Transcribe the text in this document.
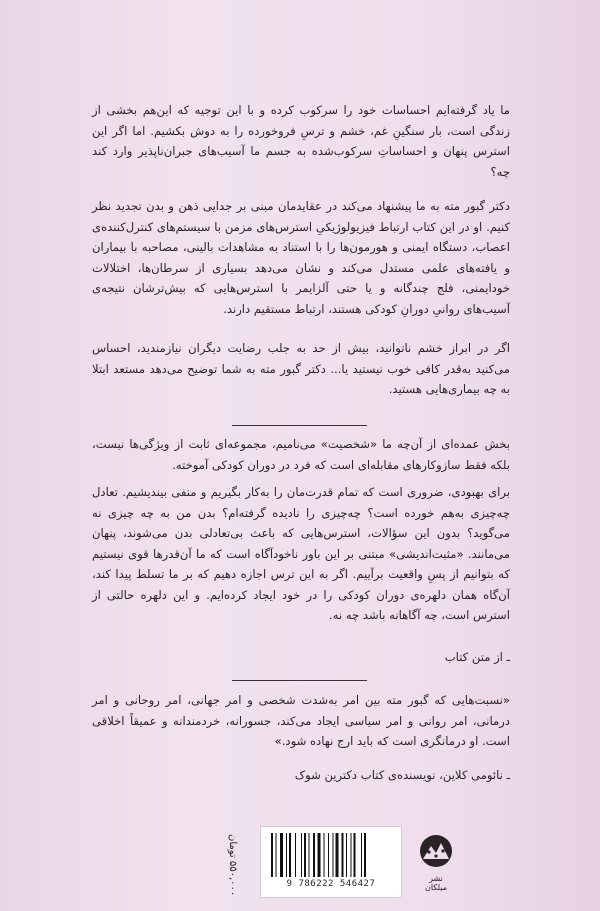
ما یاد گرفته‌ایم احساسات خود را سرکوب کرده و با این توجیه که این‌هم بخشی از زندگی است، بار سنگینِ غم، خشم و ترسِ فروخورده را به دوش بکشیم. اما اگر این استرس پنهان و احساساتِ سرکوب‌شده به جسم ما آسیب‌های جبران‌ناپذیر وارد کند چه؟

دکتر گبور مته به ما پیشنهاد می‌کند در عقایدمان مبنی بر جدایی ذهن و بدن تجدید نظر کنیم. او در این کتاب ارتباط فیزیولوژیکیِ استرس‌های مزمن با سیستم‌های کنترل‌کننده‌ی اعصاب، دستگاه ایمنی و هورمون‌ها را با استناد به مشاهدات بالینی، مصاحبه با بیماران و یافته‌های علمی مستدل می‌کند و نشان می‌دهد بسیاری از سرطان‌ها، اختلالات خودایمنی، فلج چندگانه و یا حتی آلزایمر با استرس‌هایی که بیش‌ترشان نتیجه‌ی آسیب‌های روانیِ دورانِ کودکی هستند، ارتباط مستقیم دارند.

اگر در ابراز خشم ناتوانید، بیش از حد به جلب رضایت دیگران نیازمندید، احساس می‌کنید به‌قدر کافی خوب نیستید یا... دکتر گبور مته به شما توضیح می‌دهد مستعد ابتلا به چه بیماری‌هایی هستید.

بخش عمده‌ای از آن‌چه ما «شخصیت» می‌نامیم، مجموعه‌ای ثابت از ویژگی‌ها نیست، بلکه فقط سازوکارهای مقابله‌ای است که فرد در دوران کودکی آموخته.

برای بهبودی، ضروری است که تمام قدرت‌مان را به‌کار بگیریم و منفی بیندیشیم. تعادل چه‌چیزی به‌هم خورده است؟ چه‌چیزی را نادیده گرفته‌ام؟ بدن من به چه چیزی نه می‌گوید؟ بدون این سؤالات، استرس‌هایی که باعث بی‌تعادلی بدن می‌شوند، پنهان می‌مانند. «مثبت‌اندیشی» مبتنی بر این باور ناخودآگاه است که ما آن‌قدرها قوی نیستیم که بتوانیم از پسِ واقعیت برآییم. اگر به این ترس اجازه دهیم که بر ما تسلط پیدا کند، آن‌گاه همان دلهره‌ی دوران کودکی را در خود ایجاد کرده‌ایم. و این دلهره حالتی از استرس است، چه آگاهانه باشد چه نه.

ـ از متن کتاب

«نسبت‌هایی که گبور مته بین امر به‌شدت شخصی و امر جهانی، امر روحانی و امر درمانی، امر روانی و امر سیاسی ایجاد می‌کند، جسورانه، خردمندانه و عمیقاً اخلاقی است. او درمانگری است که باید ارج نهاده شود.»

ـ نائومی کلاین، نویسنده‌ی کتاب دکترین شوک

نشر میلکان
9 786222 546427
۵۵۰,۰۰۰ تومان
